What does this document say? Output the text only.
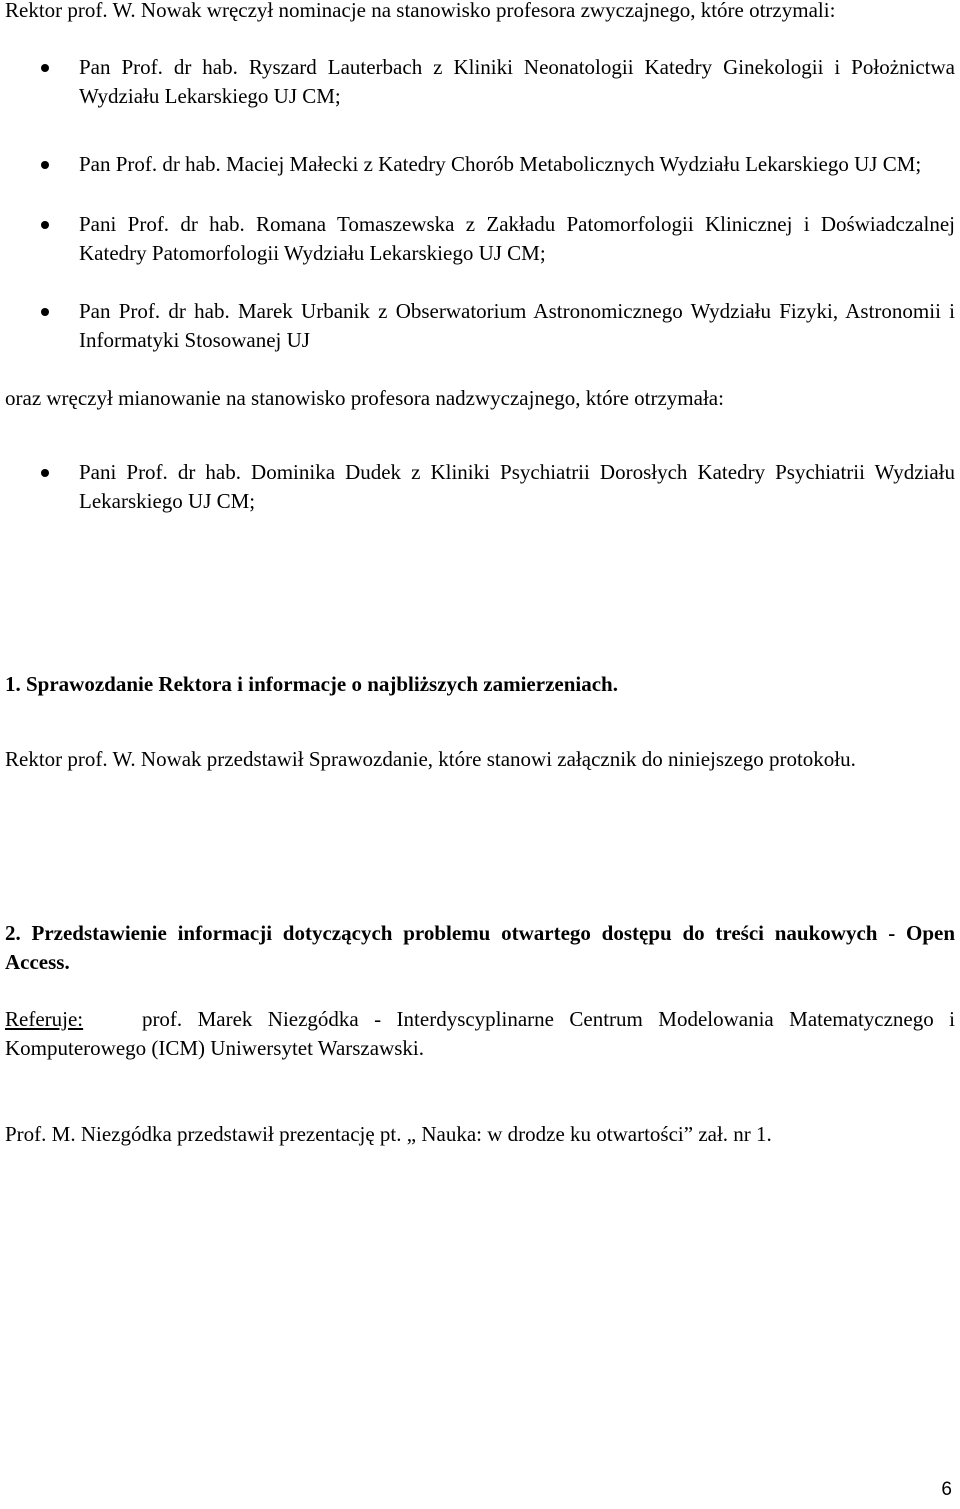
Rektor prof. W. Nowak wręczył nominacje na stanowisko profesora zwyczajnego, które otrzymali:

Pan Prof. dr hab. Ryszard Lauterbach z Kliniki Neonatologii Katedry Ginekologii i Położnictwa Wydziału Lekarskiego UJ CM;
Pan Prof. dr hab. Maciej Małecki z Katedry Chorób Metabolicznych Wydziału Lekarskiego UJ CM;
Pani Prof. dr hab. Romana Tomaszewska z Zakładu Patomorfologii Klinicznej i Doświadczalnej Katedry Patomorfologii Wydziału Lekarskiego UJ CM;
Pan Prof. dr hab. Marek Urbanik z Obserwatorium Astronomicznego Wydziału Fizyki, Astronomii i Informatyki Stosowanej UJ

oraz wręczył mianowanie na stanowisko profesora nadzwyczajnego, które otrzymała:

Pani Prof. dr hab. Dominika Dudek z Kliniki Psychiatrii Dorosłych Katedry Psychiatrii Wydziału Lekarskiego UJ CM;

1. Sprawozdanie Rektora i informacje o najbliższych zamierzeniach.

Rektor prof. W. Nowak przedstawił Sprawozdanie, które stanowi załącznik do niniejszego protokołu.

2. Przedstawienie informacji dotyczących problemu otwartego dostępu do treści naukowych - Open Access.

Referuje:	prof. Marek Niezgódka - Interdyscyplinarne Centrum Modelowania Matematycznego i Komputerowego (ICM) Uniwersytet Warszawski.

Prof. M. Niezgódka przedstawił prezentację pt. „ Nauka: w drodze ku otwartości” zał. nr 1.

6
